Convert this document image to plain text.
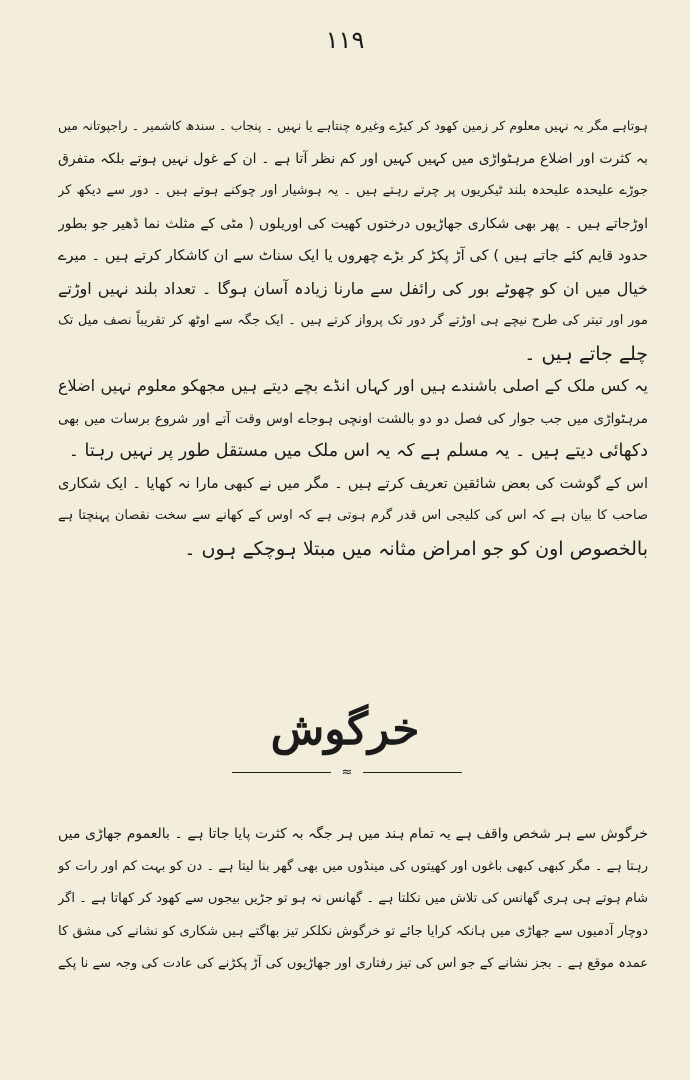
۱۱۹
ہوتاہے مگر یہ نہیں معلوم کر زمین کھود کر کیڑے وغیرہ چنتاہے یا نہیں ۔ پنجاب ۔ سندھ کاشمیر ۔ راجپوتانہ میں
بہ کثرت اور اضلاع مرہٹواڑی میں کہیں کہیں اور کم نظر آتا ہے ۔ ان کے غول نہیں ہوتے بلکہ متفرق
جوڑے علیحدہ علیحدہ بلند ٹیکریوں پر چرتے رہتے ہیں ۔ یہ ہوشیار اور چوکنے ہوتے ہیں ۔ دور سے دیکھ کر
اوڑجاتے ہیں ۔ پھر بھی شکاری جھاڑیوں درختوں کھیت کی اوریلوں ( مٹی کے مثلث نما ڈھیر جو بطور
حدود قایم کئے جاتے ہیں ) کی آڑ پکڑ کر بڑے چھروں یا ایک سناٹ سے ان کاشکار کرتے ہیں ۔ میرے
خیال میں ان کو چھوٹے بور کی رائفل سے مارنا زیادہ آسان ہوگا ۔ تعداد بلند نہیں اوڑتے
مور اور تیتر کی طرح نیچے ہی اوڑتے گر دور تک پرواز کرتے ہیں ۔ ایک جگہ سے اوٹھ کر تقریباً نصف میل تک
چلے جاتے ہیں ۔
یہ کس ملک کے اصلی باشندے ہیں اور کہاں انڈے بچے دیتے ہیں مجھکو معلوم نہیں اضلاع
مرہٹواڑی میں جب جوار کی فصل دو دو بالشت اونچی ہوجاے اوس وقت آتے اور شروع برسات میں بھی
دکھائی دیتے ہیں ۔ یہ مسلم ہے کہ یہ اس ملک میں مستقل طور پر نہیں رہتا ۔
اس کے گوشت کی بعض شائقین تعریف کرتے ہیں ۔ مگر میں نے کبھی مارا نہ کھایا ۔ ایک شکاری
صاحب کا بیان ہے کہ اس کی کلیجی اس قدر گرم ہوتی ہے کہ اوس کے کھانے سے سخت نقصان پہنچتا ہے
بالخصوص اون کو جو امراض مثانہ میں مبتلا ہوچکے ہوں ۔
خرگوش
≈
خرگوش سے ہر شخص واقف ہے یہ تمام ہند میں ہر جگہ بہ کثرت پایا جاتا ہے ۔ بالعموم جھاڑی میں
رہتا ہے ۔ مگر کبھی کبھی باغوں اور کھیتوں کی مینڈوں میں بھی گھر بنا لیتا ہے ۔ دن کو بہت کم اور رات کو
شام ہوتے ہی ہری گھانس کی تلاش میں نکلتا ہے ۔ گھانس نہ ہو تو جڑیں بیجوں سے کھود کر کھاتا ہے ۔ اگر
دوچار آدمیوں سے جھاڑی میں ہانکہ کرایا جائے تو خرگوش نکلکر تیز بھاگتے ہیں شکاری کو نشانے کی مشق کا
عمدہ موقع ہے ۔ بجز نشانے کے جو اس کی تیز رفتاری اور جھاڑیوں کی آڑ پکڑنے کی عادت کی وجہ سے نا پکے
